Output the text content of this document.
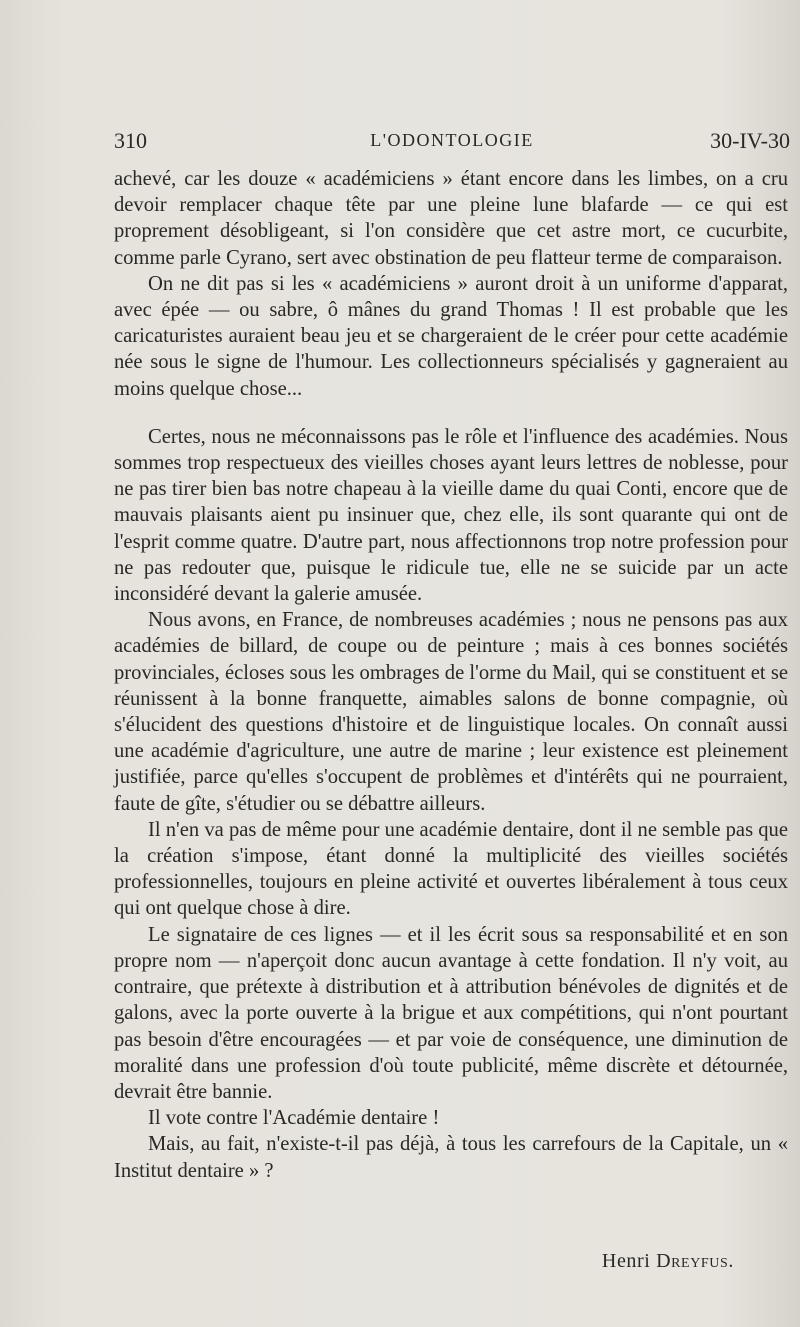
310	L'ODONTOLOGIE	30-IV-30

achevé, car les douze « académiciens » étant encore dans les limbes, on a cru devoir remplacer chaque tête par une pleine lune blafarde — ce qui est proprement désobligeant, si l'on considère que cet astre mort, ce cucurbite, comme parle Cyrano, sert avec obstination de peu flatteur terme de comparaison.

On ne dit pas si les « académiciens » auront droit à un uniforme d'apparat, avec épée — ou sabre, ô mânes du grand Thomas ! Il est probable que les caricaturistes auraient beau jeu et se chargeraient de le créer pour cette académie née sous le signe de l'humour. Les collectionneurs spécialisés y gagneraient au moins quelque chose...

Certes, nous ne méconnaissons pas le rôle et l'influence des académies. Nous sommes trop respectueux des vieilles choses ayant leurs lettres de noblesse, pour ne pas tirer bien bas notre chapeau à la vieille dame du quai Conti, encore que de mauvais plaisants aient pu insinuer que, chez elle, ils sont quarante qui ont de l'esprit comme quatre. D'autre part, nous affectionnons trop notre profession pour ne pas redouter que, puisque le ridicule tue, elle ne se suicide par un acte inconsidéré devant la galerie amusée.

Nous avons, en France, de nombreuses académies ; nous ne pensons pas aux académies de billard, de coupe ou de peinture ; mais à ces bonnes sociétés provinciales, écloses sous les ombrages de l'orme du Mail, qui se constituent et se réunissent à la bonne franquette, aimables salons de bonne compagnie, où s'élucident des questions d'histoire et de linguistique locales. On connaît aussi une académie d'agriculture, une autre de marine ; leur existence est pleinement justifiée, parce qu'elles s'occupent de problèmes et d'intérêts qui ne pourraient, faute de gîte, s'étudier ou se débattre ailleurs.

Il n'en va pas de même pour une académie dentaire, dont il ne semble pas que la création s'impose, étant donné la multiplicité des vieilles sociétés professionnelles, toujours en pleine activité et ouvertes libéralement à tous ceux qui ont quelque chose à dire.

Le signataire de ces lignes — et il les écrit sous sa responsabilité et en son propre nom — n'aperçoit donc aucun avantage à cette fondation. Il n'y voit, au contraire, que prétexte à distribution et à attribution bénévoles de dignités et de galons, avec la porte ouverte à la brigue et aux compétitions, qui n'ont pourtant pas besoin d'être encouragées — et par voie de conséquence, une diminution de moralité dans une profession d'où toute publicité, même discrète et détournée, devrait être bannie.

Il vote contre l'Académie dentaire !

Mais, au fait, n'existe-t-il pas déjà, à tous les carrefours de la Capitale, un « Institut dentaire » ?

Henri Dreyfus.
